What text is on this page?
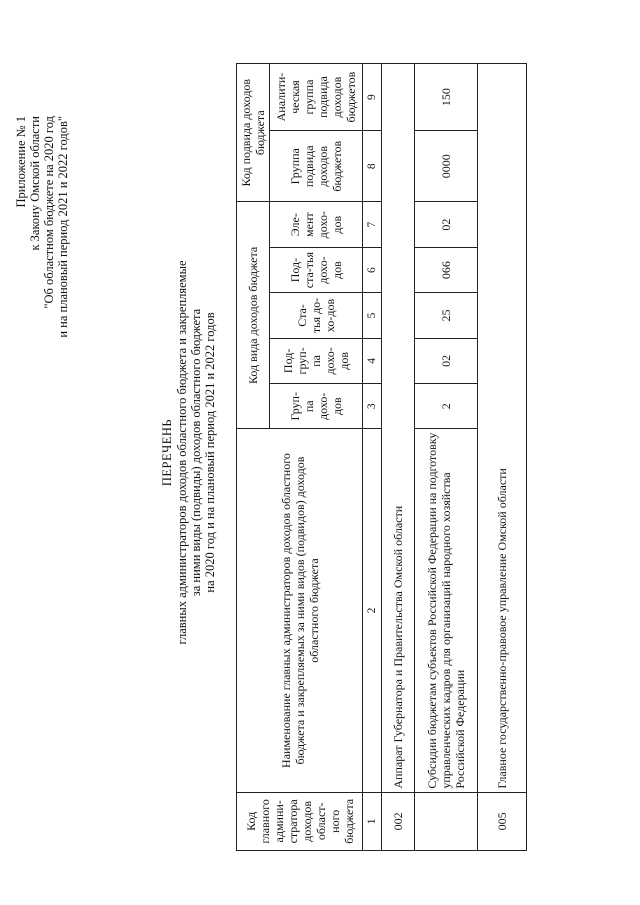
Приложение № 1 к Закону Омской области "Об областном бюджете на 2020 год и на плановый период 2021 и 2022 годов"
ПЕРЕЧЕНЬ главных администраторов доходов областного бюджета и закрепляемые за ними виды (подвиды) доходов областного бюджета на 2020 год и на плановый период 2021 и 2022 годов
Код главного админи-стратора доходов област-ного бюджета	Наименование главных администраторов доходов областного бюджета и закрепляемых за ними видов (подвидов) доходов областного бюджета	Код вида доходов бюджета					Код подвида доходов бюджета	
		Груп-па дохо-дов	Под-груп-па дохо-дов	Ста-тья до-хо-дов	Под-ста-тья дохо-дов	Эле-мент дохо-дов	Группа подвида доходов бюджетов	Аналити-ческая группа подвида доходов бюджетов
1	2	3	4	5	6	7	8	9
002	Аппарат Губернатора и Правительства Омской области							
	Субсидии бюджетам субъектов Российской Федерации на подготовку управленческих кадров для организаций народного хозяйства Российской Федерации	2	02	25	066	02	0000	150
005	Главное государственно-правовое управление Омской области							
